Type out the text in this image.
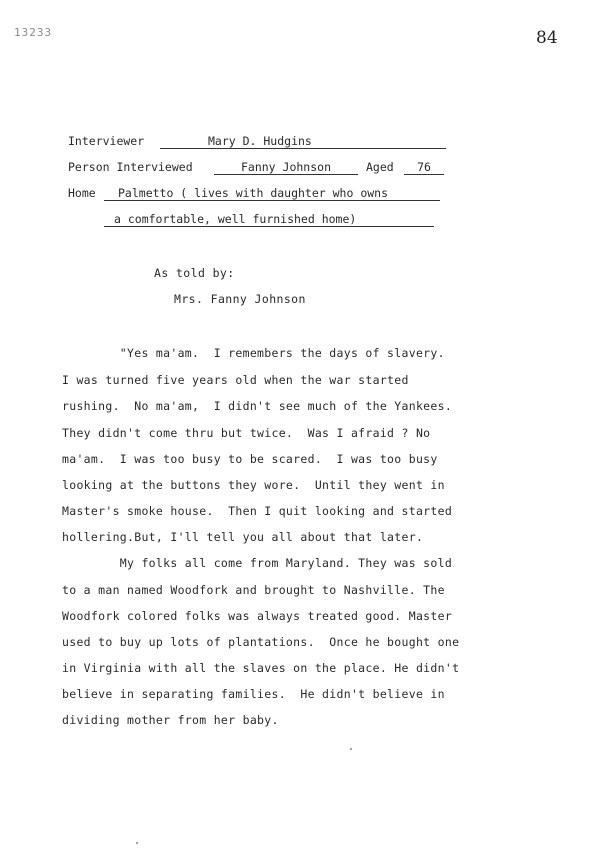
13233	84
Interviewer	Mary D. Hudgins
Person Interviewed	Fanny Johnson	Aged	76
Home	Palmetto ( lives with daughter who owns
a comfortable, well furnished home)
As told by:
Mrs. Fanny Johnson
"Yes ma'am.  I remembers the days of slavery.
I was turned five years old when the war started
rushing.  No ma'am,  I didn't see much of the Yankees.
They didn't come thru but twice.  Was I afraid ? No
ma'am.  I was too busy to be scared.  I was too busy
looking at the buttons they wore.  Until they went in
Master's smoke house.  Then I quit looking and started
hollering.But, I'll tell you all about that later.
My folks all come from Maryland. They was sold
to a man named Woodfork and brought to Nashville. The
Woodfork colored folks was always treated good. Master
used to buy up lots of plantations.  Once he bought one
in Virginia with all the slaves on the place. He didn't
believe in separating families.  He didn't believe in
dividing mother from her baby.
